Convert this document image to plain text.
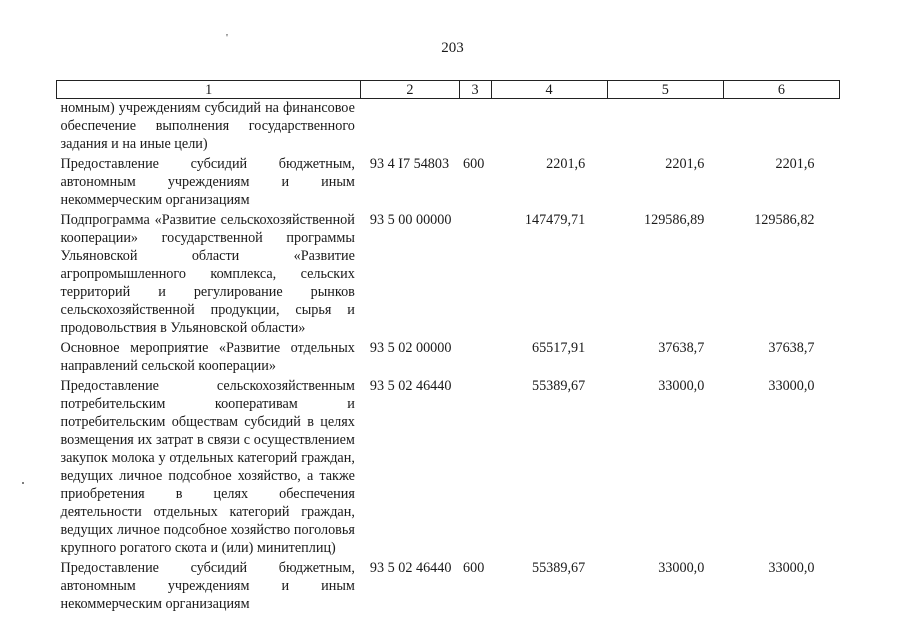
203
'
1	2	3	4	5	6
номным) учреждениям субсидий на финансовое обеспечение выполнения государственного задания и на иные цели)					
Предоставление субсидий бюджетным, автономным учреждениям и иным некоммерческим организациям	93 4 I7 54803	600	2201,6	2201,6	2201,6
Подпрограмма «Развитие сельскохозяйственной кооперации» государственной программы Ульяновской области «Развитие агропромышленного комплекса, сельских территорий и регулирование рынков сельскохозяйственной продукции, сырья и продовольствия в Ульяновской области»	93 5 00 00000		147479,71	129586,89	129586,82
Основное мероприятие «Развитие отдельных направлений сельской кооперации»	93 5 02 00000		65517,91	37638,7	37638,7
Предоставление сельскохозяйственным потребительским кооперативам и потребительским обществам субсидий в целях возмещения их затрат в связи с осуществлением закупок молока у отдельных категорий граждан, ведущих личное подсобное хозяйство, а также приобретения в целях обеспечения деятельности отдельных категорий граждан, ведущих личное подсобное хозяйство поголовья крупного рогатого скота и (или) минитеплиц)	93 5 02 46440		55389,67	33000,0	33000,0
Предоставление субсидий бюджетным, автономным учреждениям и иным некоммерческим организациям	93 5 02 46440	600	55389,67	33000,0	33000,0
